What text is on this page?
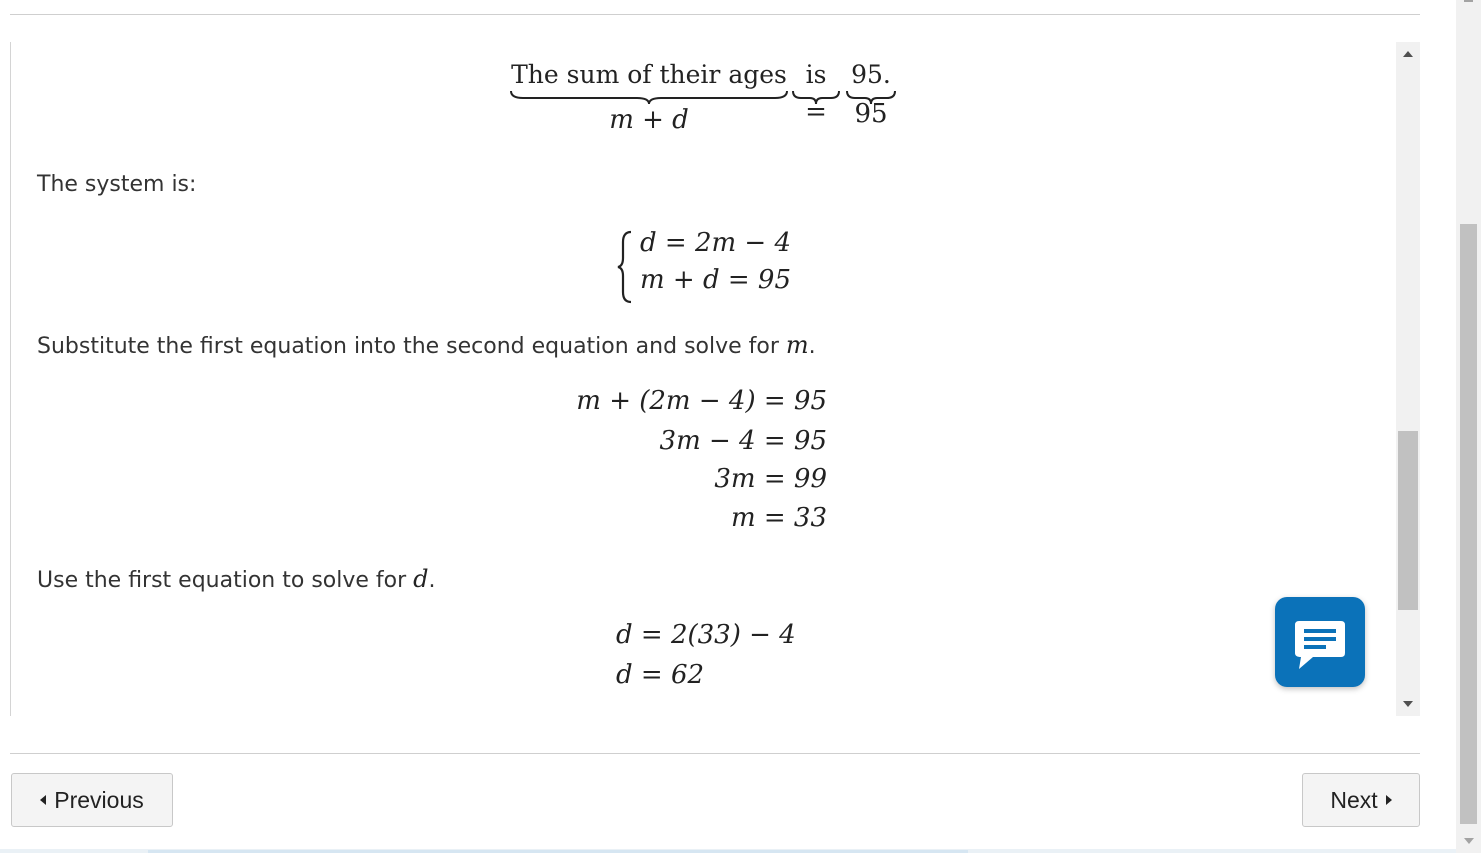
The sum of their ages
m + d
is
=
95.
95
The system is:
d = 2m − 4
m + d = 95
Substitute the first equation into the second equation and solve for m.
m + (2m − 4) = 95
3m − 4 = 95
3m = 99
m = 33
Use the first equation to solve for d.
d = 2(33) − 4
d = 62
Previous	Next
